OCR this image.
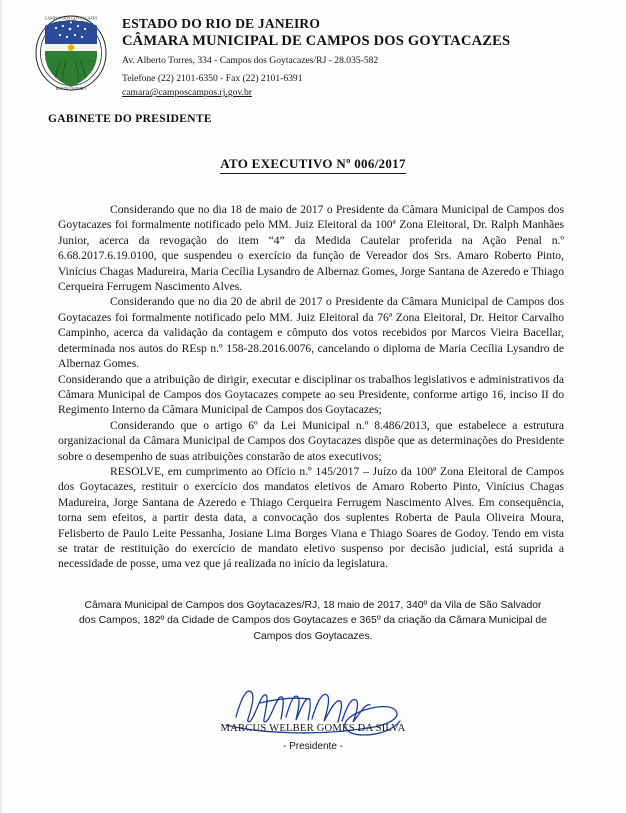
CAMPOS DOS GOYTACAZES
RIO DE JANEIRO
ESTADO DO RIO DE JANEIRO
CÂMARA MUNICIPAL DE CAMPOS DOS GOYTACAZES
Av. Alberto Torres, 334 - Campos dos Goytacazes/RJ - 28.035-582
Telefone (22) 2101-6350 - Fax (22) 2101-6391
camara@camposcampos.rj.gov.br
GABINETE DO PRESIDENTE
ATO EXECUTIVO Nº 006/2017

Considerando que no dia 18 de maio de 2017 o Presidente da Câmara Municipal de Campos dos Goytacazes foi formalmente notificado pelo MM. Juiz Eleitoral da 100ª Zona Eleitoral, Dr. Ralph Manhães Junior, acerca da revogação do item “4” da Medida Cautelar proferida na Ação Penal n.º 6.68.2017.6.19.0100, que suspendeu o exercício da função de Vereador dos Srs. Amaro Roberto Pinto, Vinícius Chagas Madureira, Maria Cecília Lysandro de Albernaz Gomes, Jorge Santana de Azeredo e Thiago Cerqueira Ferrugem Nascimento Alves.

Considerando que no dia 20 de abril de 2017 o Presidente da Câmara Municipal de Campos dos Goytacazes foi formalmente notificado pelo MM. Juiz Eleitoral da 76ª Zona Eleitoral, Dr. Heitor Carvalho Campinho, acerca da validação da contagem e cômputo dos votos recebidos por Marcos Vieira Bacellar, determinada nos autos do REsp n.º 158-28.2016.0076, cancelando o diploma de Maria Cecília Lysandro de Albernaz Gomes.

Considerando que a atribuição de dirigir, executar e disciplinar os trabalhos legislativos e administrativos da Câmara Municipal de Campos dos Goytacazes compete ao seu Presidente, conforme artigo 16, inciso II do Regimento Interno da Câmara Municipal de Campos dos Goytacazes;

Considerando que o artigo 6º da Lei Municipal n.º 8.486/2013, que estabelece a estrutura organizacional da Câmara Municipal de Campos dos Goytacazes dispõe que as determinações do Presidente sobre o desempenho de suas atribuições constarão de atos executivos;

RESOLVE, em cumprimento ao Ofício n.º 145/2017 – Juízo da 100ª Zona Eleitoral de Campos dos Goytacazes, restituir o exercício dos mandatos eletivos de Amaro Roberto Pinto, Vinícius Chagas Madureira, Jorge Santana de Azeredo e Thiago Cerqueira Ferrugem Nascimento Alves. Em consequência, torna sem efeitos, a partir desta data, a convocação dos suplentes Roberta de Paula Oliveira Moura, Felisberto de Paulo Leite Pessanha, Josiane Lima Borges Viana e Thiago Soares de Godoy. Tendo em vista se tratar de restituição do exercício de mandato eletivo suspenso por decisão judicial, está suprida a necessidade de posse, uma vez que já realizada no início da legislatura.

Câmara Municipal de Campos dos Goytacazes/RJ, 18 maio de 2017, 340º da Vila de São Salvador dos Campos, 182º da Cidade de Campos dos Goytacazes e 365º da criação da Câmara Municipal de Campos dos Goytacazes.
MARCUS WELBER GOMES DA SILVA
- Presidente -
